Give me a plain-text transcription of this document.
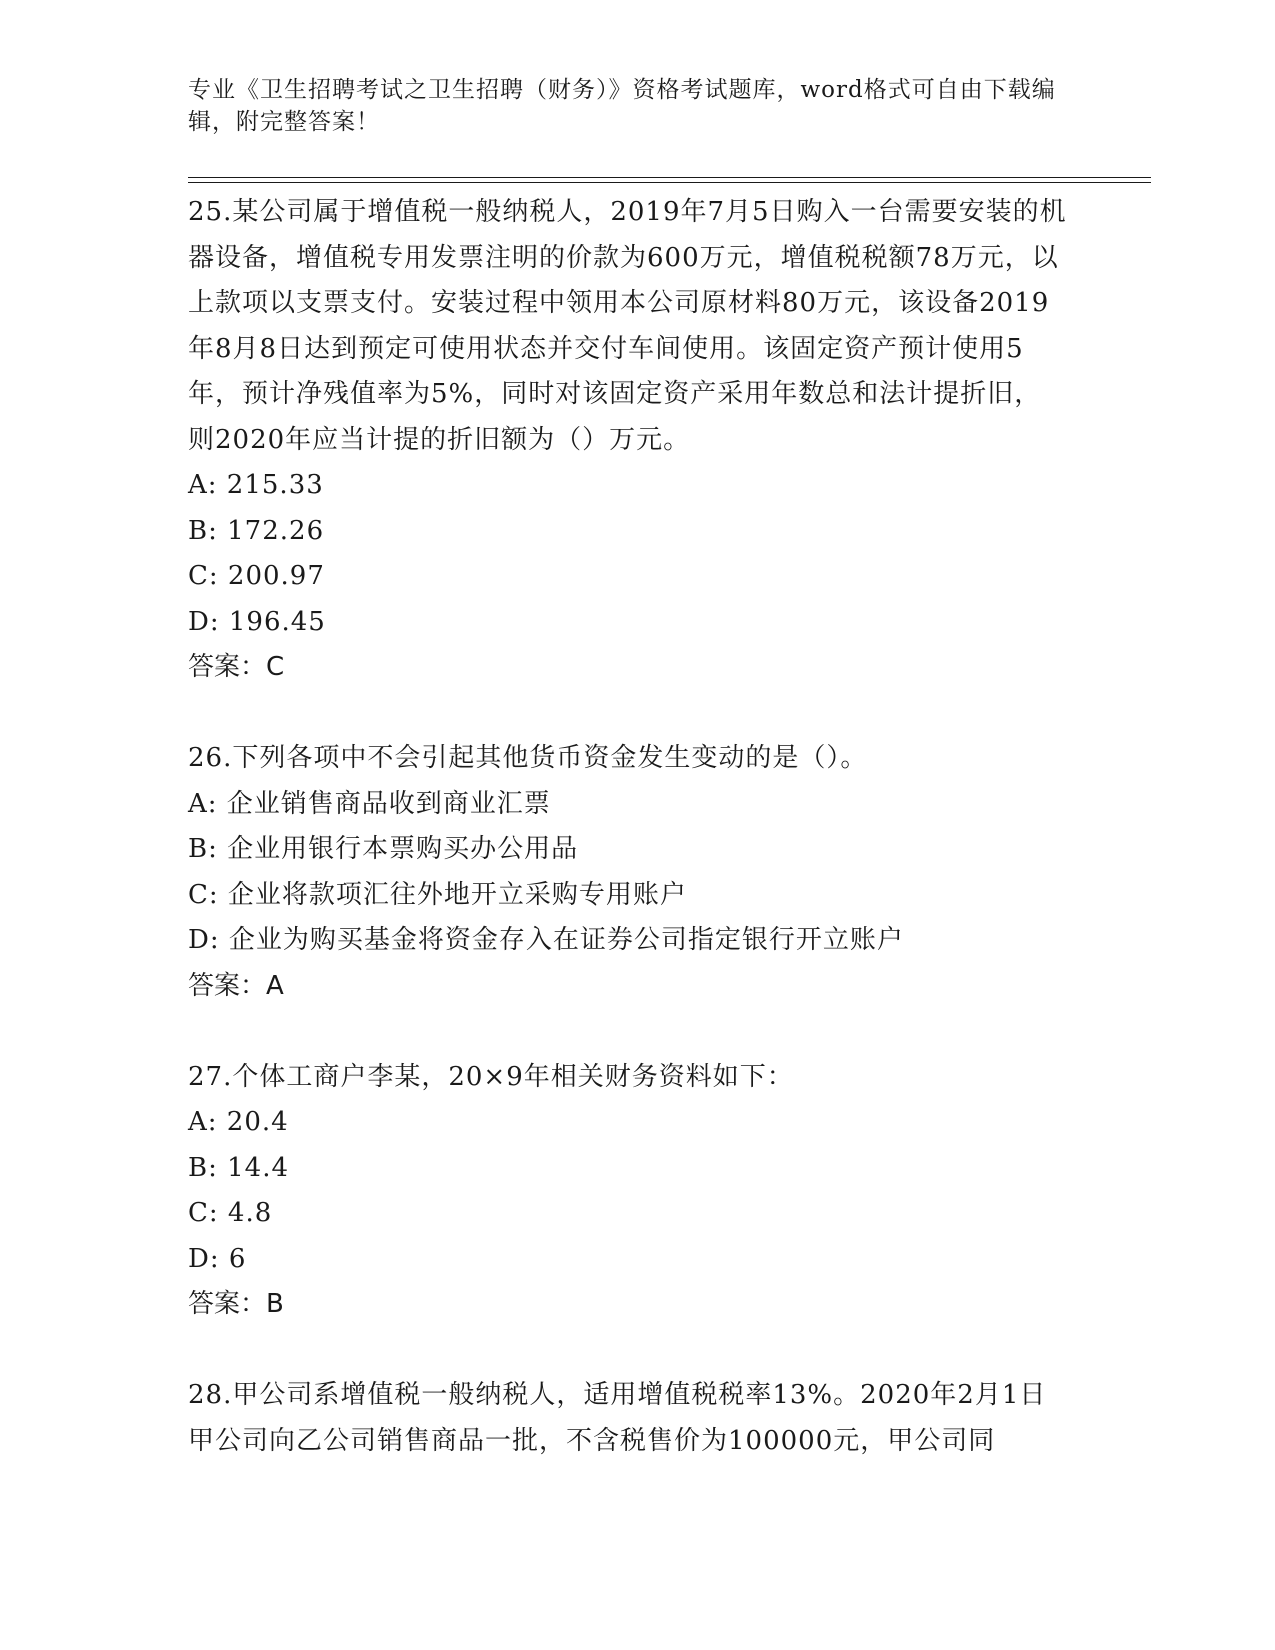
专业《卫生招聘考试之卫生招聘（财务）》资格考试题库，word格式可自由下载编辑，附完整答案！

25.某公司属于增值税一般纳税人，2019年7月5日购入一台需要安装的机器设备，增值税专用发票注明的价款为600万元，增值税税额78万元，以上款项以支票支付。安装过程中领用本公司原材料80万元，该设备2019年8月8日达到预定可使用状态并交付车间使用。该固定资产预计使用5年，预计净残值率为5%，同时对该固定资产采用年数总和法计提折旧，则2020年应当计提的折旧额为（）万元。

A: 215.33

B: 172.26

C: 200.97

D: 196.45

答案：C

26.下列各项中不会引起其他货币资金发生变动的是（）。

A: 企业销售商品收到商业汇票

B: 企业用银行本票购买办公用品

C: 企业将款项汇往外地开立采购专用账户

D: 企业为购买基金将资金存入在证券公司指定银行开立账户

答案：A

27.个体工商户李某，20×9年相关财务资料如下：

A: 20.4

B: 14.4

C: 4.8

D: 6

答案：B

28.甲公司系增值税一般纳税人，适用增值税税率13%。2020年2月1日甲公司向乙公司销售商品一批，不含税售价为100000元，甲公司同
